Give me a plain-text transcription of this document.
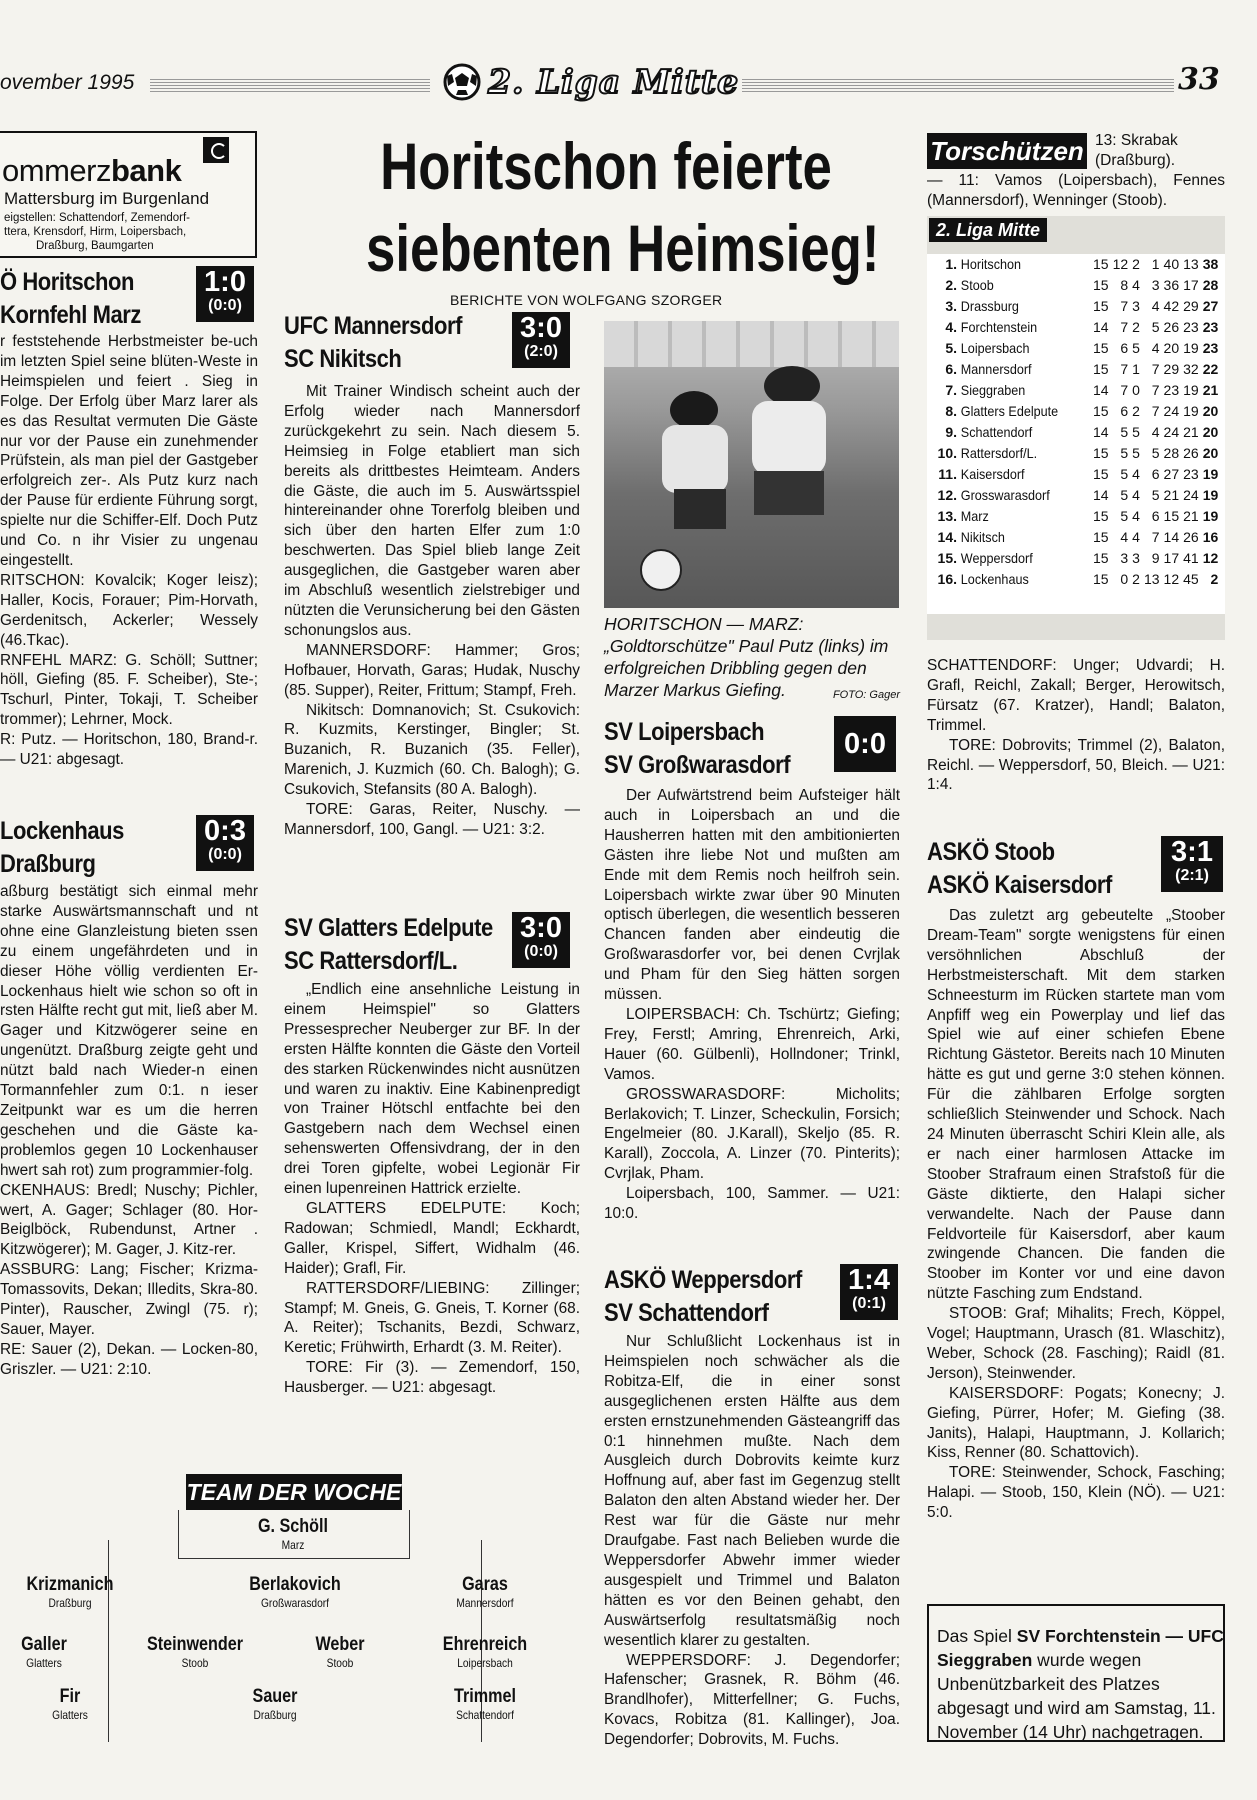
ovember 1995	2. Liga Mitte	33
ommerzbank
Mattersburg im Burgenland
eigstellen: Schattendorf, Zemendorf-
ttera, Krensdorf, Hirm, Loipersbach,
Draßburg, Baumgarten
Horitschon feierte
siebenten Heimsieg!
BERICHTE VON WOLFGANG SZORGER
Ö Horitschon
Kornfehl Marz
1:0
(0:0)

r feststehende Herbstmeister be-uch im letzten Spiel seine blüten-Weste in Heimspielen und feiert . Sieg in Folge. Der Erfolg über Marz larer als es das Resultat vermuten Die Gäste nur vor der Pause ein zunehmender Prüfstein, als man piel der Gastgeber erfolgreich zer-. Als Putz kurz nach der Pause für erdiente Führung sorgt, spielte nur die Schiffer-Elf. Doch Putz und Co. n ihr Visier zu ungenau eingestellt.

RITSCHON: Kovalcik; Koger leisz); Haller, Kocis, Forauer; Pim-Horvath, Gerdenitsch, Ackerler; Wessely (46.Tkac).

RNFEHL MARZ: G. Schöll; Suttner; höll, Giefing (85. F. Scheiber), Ste-; Tschurl, Pinter, Tokaji, T. Scheiber trommer); Lehrner, Mock.

R: Putz. — Horitschon, 180, Brand-r. — U21: abgesagt.

Lockenhaus
Draßburg
0:3
(0:0)

aßburg bestätigt sich einmal mehr starke Auswärtsmannschaft und nt ohne eine Glanzleistung bieten ssen zu einem ungefährdeten und in dieser Höhe völlig verdienten Er-Lockenhaus hielt wie schon so oft in rsten Hälfte recht gut mit, ließ aber M. Gager und Kitzwögerer seine en ungenützt. Draßburg zeigte geht und nützt bald nach Wieder-n einen Tormannfehler zum 0:1. n ieser Zeitpunkt war es um die herren geschehen und die Gäste ka-problemlos gegen 10 Lockenhauser hwert sah rot) zum programmier-folg.

CKENHAUS: Bredl; Nuschy; Pichler, wert, A. Gager; Schlager (80. Hor-Beiglböck, Rubendunst, Artner . Kitzwögerer); M. Gager, J. Kitz-rer.

ASSBURG: Lang; Fischer; Krizma-Tomassovits, Dekan; Illedits, Skra-80. Pinter), Rauscher, Zwingl (75. r); Sauer, Mayer.

RE: Sauer (2), Dekan. — Locken-80, Griszler. — U21: 2:10.

UFC Mannersdorf
SC Nikitsch
3:0
(2:0)

Mit Trainer Windisch scheint auch der Erfolg wieder nach Mannersdorf zurückgekehrt zu sein. Nach diesem 5. Heimsieg in Folge etabliert man sich bereits als drittbestes Heimteam. Anders die Gäste, die auch im 5. Auswärtsspiel hintereinander ohne Torerfolg bleiben und sich über den harten Elfer zum 1:0 beschwerten. Das Spiel blieb lange Zeit ausgeglichen, die Gastgeber waren aber im Abschluß wesentlich zielstrebiger und nützten die Verunsicherung bei den Gästen schonungslos aus.

MANNERSDORF: Hammer; Gros; Hofbauer, Horvath, Garas; Hudak, Nuschy (85. Supper), Reiter, Frittum; Stampf, Freh.

Nikitsch: Domnanovich; St. Csukovich: R. Kuzmits, Kerstinger, Bingler; St. Buzanich, R. Buzanich (35. Feller), Marenich, J. Kuzmich (60. Ch. Balogh); G. Csukovich, Stefansits (80 A. Balogh).

TORE: Garas, Reiter, Nuschy. — Mannersdorf, 100, Gangl. — U21: 3:2.

SV Glatters Edelpute
SC Rattersdorf/L.
3:0
(0:0)

„Endlich eine ansehnliche Leistung in einem Heimspiel" so Glatters Pressesprecher Neuberger zur BF. In der ersten Hälfte konnten die Gäste den Vorteil des starken Rückenwindes nicht ausnützen und waren zu inaktiv. Eine Kabinenpredigt von Trainer Hötschl entfachte bei den Gastgebern nach dem Wechsel einen sehenswerten Offensivdrang, der in den drei Toren gipfelte, wobei Legionär Fir einen lupenreinen Hattrick erzielte.

GLATTERS EDELPUTE: Koch; Radowan; Schmiedl, Mandl; Eckhardt, Galler, Krispel, Siffert, Widhalm (46. Haider); Grafl, Fir.

RATTERSDORF/LIEBING: Zillinger; Stampf; M. Gneis, G. Gneis, T. Korner (68. A. Reiter); Tschanits, Bezdi, Schwarz, Keretic; Frühwirth, Erhardt (3. M. Reiter).

TORE: Fir (3). — Zemendorf, 150, Hausberger. — U21: abgesagt.

TEAM DER WOCHE
G. Schöll
Marz
Krizmanich
Draßburg
Berlakovich
Großwarasdorf
Garas
Mannersdorf
Galler
Glatters
Steinwender
Stoob
Weber
Stoob
Ehrenreich
Loipersbach
Fir
Glatters
Sauer
Draßburg
Trimmel
Schattendorf
HORITSCHON — MARZ: „Goldtorschütze" Paul Putz (links) im erfolgreichen Dribbling gegen den Marzer Markus Giefing.	FOTO: Gager
SV Loipersbach
SV Großwarasdorf
0:0

Der Aufwärtstrend beim Aufsteiger hält auch in Loipersbach an und die Hausherren hatten mit den ambitionierten Gästen ihre liebe Not und mußten am Ende mit dem Remis noch heilfroh sein. Loipersbach wirkte zwar über 90 Minuten optisch überlegen, die wesentlich besseren Chancen fanden aber eindeutig die Großwarasdorfer vor, bei denen Cvrjlak und Pham für den Sieg hätten sorgen müssen.

LOIPERSBACH: Ch. Tschürtz; Giefing; Frey, Ferstl; Amring, Ehrenreich, Arki, Hauer (60. Gülbenli), Hollndoner; Trinkl, Vamos.

GROSSWARASDORF: Micholits; Berlakovich; T. Linzer, Scheckulin, Forsich; Engelmeier (80. J.Karall), Skeljo (85. R. Karall), Zoccola, A. Linzer (70. Pinterits); Cvrjlak, Pham.

Loipersbach, 100, Sammer. — U21: 10:0.

ASKÖ Weppersdorf
SV Schattendorf
1:4
(0:1)

Nur Schlußlicht Lockenhaus ist in Heimspielen noch schwächer als die Robitza-Elf, die in einer sonst ausgeglichenen ersten Hälfte aus dem ersten ernstzunehmenden Gästeangriff das 0:1 hinnehmen mußte. Nach dem Ausgleich durch Dobrovits keimte kurz Hoffnung auf, aber fast im Gegenzug stellt Balaton den alten Abstand wieder her. Der Rest war für die Gäste nur mehr Draufgabe. Fast nach Belieben wurde die Weppersdorfer Abwehr immer wieder ausgespielt und Trimmel und Balaton hätten es vor den Beinen gehabt, den Auswärtserfolg resultatsmäßig noch wesentlich klarer zu gestalten.

WEPPERSDORF: J. Degendorfer; Hafenscher; Grasnek, R. Böhm (46. Brandlhofer), Mitterfellner; G. Fuchs, Kovacs, Robitza (81. Kallinger), Joa. Degendorfer; Dobrovits, M. Fuchs.

Torschützen 13: Skrabak (Draßburg).
— 11: Vamos (Loipersbach), Fennes (Mannersdorf), Wenninger (Stoob).
2. Liga Mitte
1.	Horitschon	15	12	2	1	40	13	38
2.	Stoob	15	8	4	3	36	17	28
3.	Drassburg	15	7	3	4	42	29	27
4.	Forchtenstein	14	7	2	5	26	23	23
5.	Loipersbach	15	6	5	4	20	19	23
6.	Mannersdorf	15	7	1	7	29	32	22
7.	Sieggraben	14	7	0	7	23	19	21
8.	Glatters Edelpute	15	6	2	7	24	19	20
9.	Schattendorf	14	5	5	4	24	21	20
10.	Rattersdorf/L.	15	5	5	5	28	26	20
11.	Kaisersdorf	15	5	4	6	27	23	19
12.	Grosswarasdorf	14	5	4	5	21	24	19
13.	Marz	15	5	4	6	15	21	19
14.	Nikitsch	15	4	4	7	14	26	16
15.	Weppersdorf	15	3	3	9	17	41	12
16.	Lockenhaus	15	0	2	13	12	45	2

SCHATTENDORF: Unger; Udvardi; H. Grafl, Reichl, Zakall; Berger, Herowitsch, Fürsatz (67. Kratzer), Handl; Balaton, Trimmel.

TORE: Dobrovits; Trimmel (2), Balaton, Reichl. — Weppersdorf, 50, Bleich. — U21: 1:4.

ASKÖ Stoob
ASKÖ Kaisersdorf
3:1
(2:1)

Das zuletzt arg gebeutelte „Stoober Dream-Team" sorgte wenigstens für einen versöhnlichen Abschluß der Herbstmeisterschaft. Mit dem starken Schneesturm im Rücken startete man vom Anpfiff weg ein Powerplay und lief das Spiel wie auf einer schiefen Ebene Richtung Gästetor. Bereits nach 10 Minuten hätte es gut und gerne 3:0 stehen können. Für die zählbaren Erfolge sorgten schließlich Steinwender und Schock. Nach 24 Minuten überrascht Schiri Klein alle, als er nach einer harmlosen Attacke im Stoober Strafraum einen Strafstoß für die Gäste diktierte, den Halapi sicher verwandelte. Nach der Pause dann Feldvorteile für Kaisersdorf, aber kaum zwingende Chancen. Die fanden die Stoober im Konter vor und eine davon nützte Fasching zum Endstand.

STOOB: Graf; Mihalits; Frech, Köppel, Vogel; Hauptmann, Urasch (81. Wlaschitz), Weber, Schock (28. Fasching); Raidl (81. Jerson), Steinwender.

KAISERSDORF: Pogats; Konecny; J. Giefing, Pürrer, Hofer; M. Giefing (38. Janits), Halapi, Hauptmann, J. Kollarich; Kiss, Renner (80. Schattovich).

TORE: Steinwender, Schock, Fasching; Halapi. — Stoob, 150, Klein (NÖ). — U21: 5:0.

Das Spiel SV Forchtenstein — UFC Sieggraben wurde wegen Unbenützbarkeit des Platzes abgesagt und wird am Samstag, 11. November (14 Uhr) nachgetragen.
